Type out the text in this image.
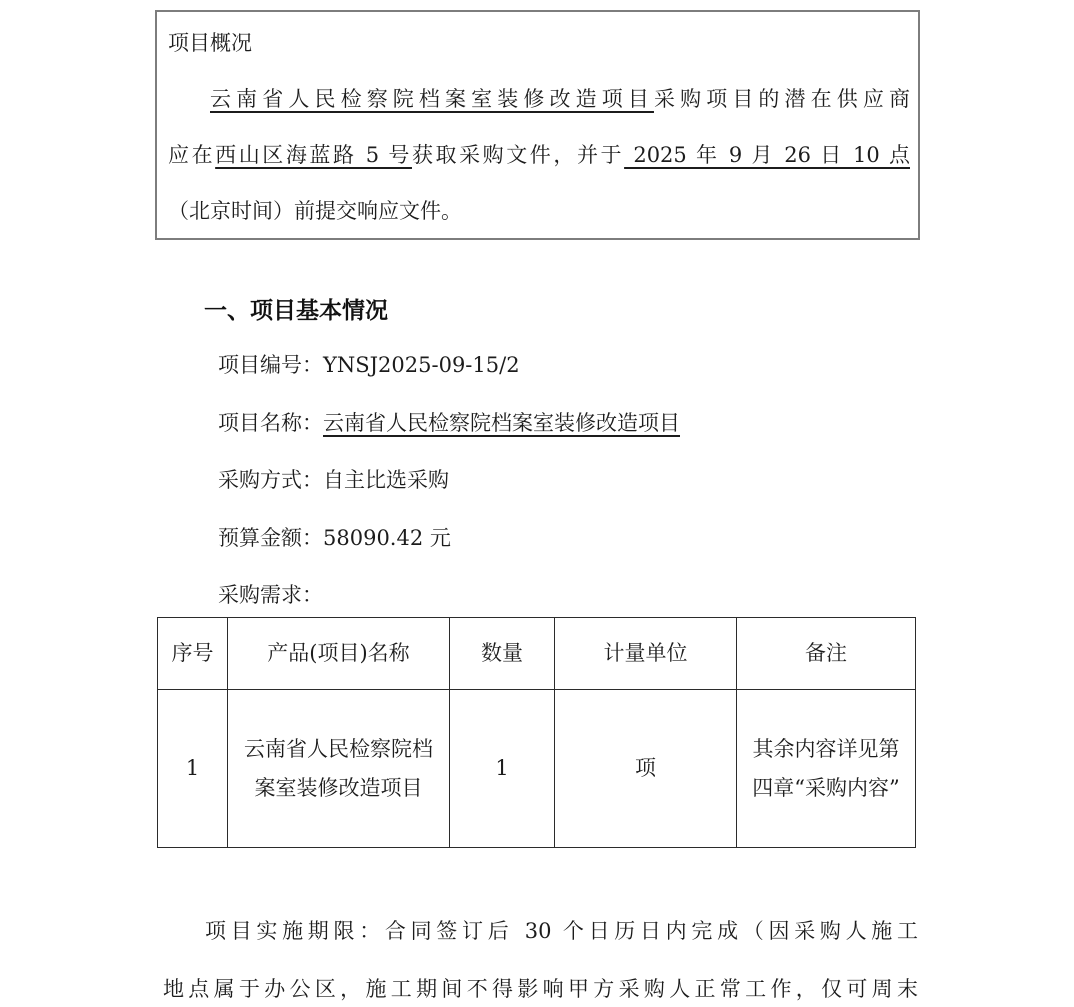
项目概况
云南省人民检察院档案室装修改造项目采购项目的潜在供应商
应在西山区海蓝路 5 号获取采购文件，并于 2025 年 9 月 26 日 10 点
（北京时间）前提交响应文件。
一、项目基本情况
项目编号：YNSJ2025-09-15/2
项目名称：云南省人民检察院档案室装修改造项目
采购方式：自主比选采购
预算金额：58090.42 元
采购需求：
序号	产品(项目)名称	数量	计量单位	备注
1	云南省人民检察院档案室装修改造项目	1	项	其余内容详见第四章“采购内容”
项目实施期限：合同签订后 30 个日历日内完成（因采购人施工
地点属于办公区，施工期间不得影响甲方采购人正常工作，仅可周末
